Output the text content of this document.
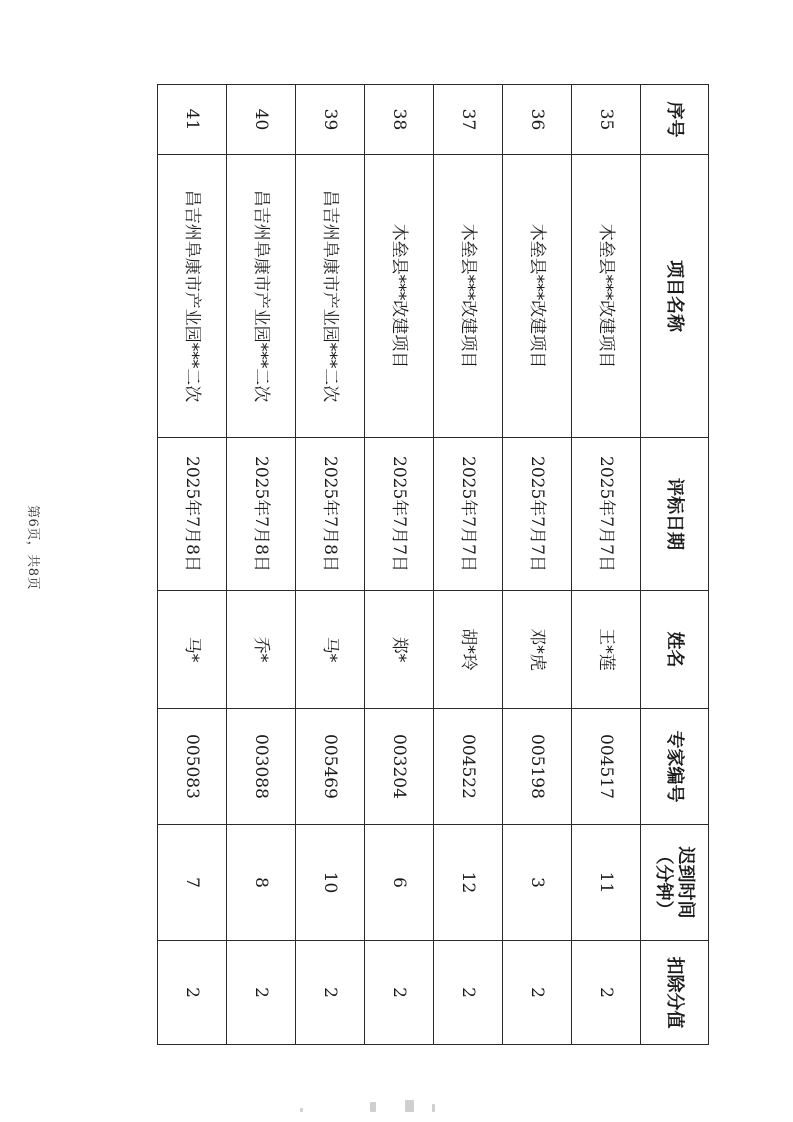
序号	项目名称	评标日期	姓名	专家编号	迟到时间（分钟）	扣除分值
35	木垒县***改建项目	2025年7月7日	王*莲	004517	11	2
36	木垒县***改建项目	2025年7月7日	邓*虎	005198	3	2
37	木垒县***改建项目	2025年7月7日	胡*玲	004522	12	2
38	木垒县***改建项目	2025年7月7日	郑*	003204	6	2
39	昌吉州阜康市产业园***二次	2025年7月8日	马*	005469	10	2
40	昌吉州阜康市产业园***二次	2025年7月8日	乔*	003088	8	2
41	昌吉州阜康市产业园***二次	2025年7月8日	马*	005083	7	2
第6页，共8页
